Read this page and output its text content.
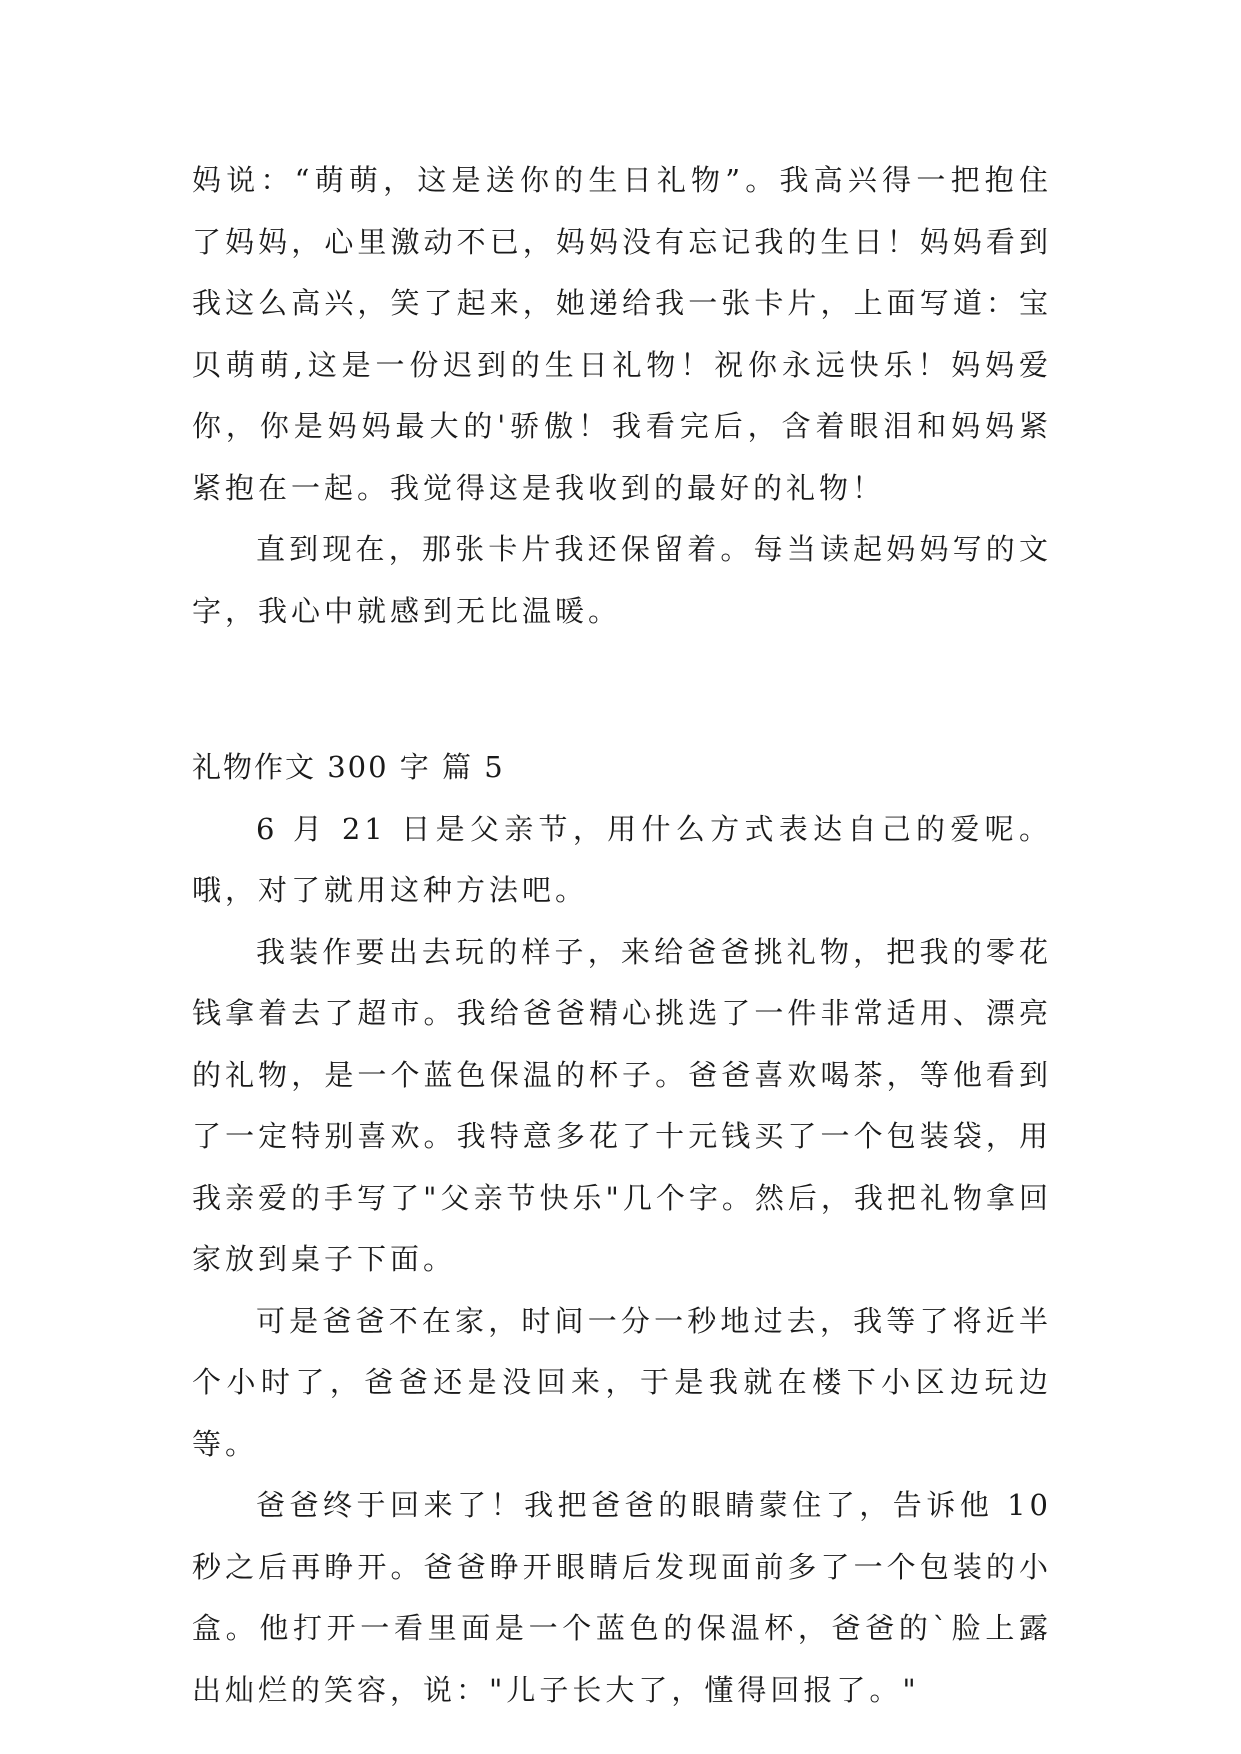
妈说：“萌萌，这是送你的生日礼物”。我高兴得一把抱住了妈妈，心里激动不已，妈妈没有忘记我的生日！妈妈看到我这么高兴，笑了起来，她递给我一张卡片，上面写道：宝贝萌萌,这是一份迟到的生日礼物！祝你永远快乐！妈妈爱你，你是妈妈最大的'骄傲！我看完后，含着眼泪和妈妈紧紧抱在一起。我觉得这是我收到的最好的礼物！

直到现在，那张卡片我还保留着。每当读起妈妈写的文字，我心中就感到无比温暖。

礼物作文 300 字 篇 5

6 月 21 日是父亲节，用什么方式表达自己的爱呢。哦，对了就用这种方法吧。

我装作要出去玩的样子，来给爸爸挑礼物，把我的零花钱拿着去了超市。我给爸爸精心挑选了一件非常适用、漂亮的礼物，是一个蓝色保温的杯子。爸爸喜欢喝茶，等他看到了一定特别喜欢。我特意多花了十元钱买了一个包装袋，用我亲爱的手写了"父亲节快乐"几个字。然后，我把礼物拿回家放到桌子下面。

可是爸爸不在家，时间一分一秒地过去，我等了将近半个小时了，爸爸还是没回来，于是我就在楼下小区边玩边等。

爸爸终于回来了！我把爸爸的眼睛蒙住了，告诉他 10 秒之后再睁开。爸爸睁开眼睛后发现面前多了一个包装的小盒。他打开一看里面是一个蓝色的保温杯，爸爸的`脸上露出灿烂的笑容，说："儿子长大了，懂得回报了。"
